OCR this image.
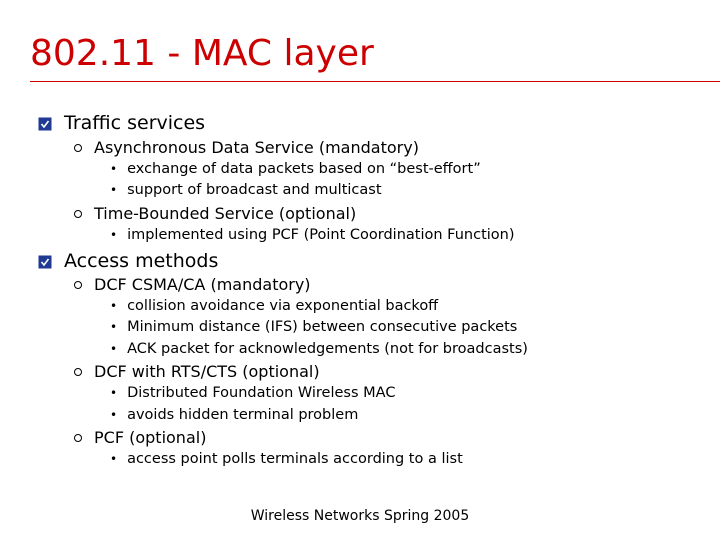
802.11 - MAC layer
Traffic services
Asynchronous Data Service (mandatory)
• exchange of data packets based on “best-effort”
• support of broadcast and multicast
Time-Bounded Service (optional)
• implemented using PCF (Point Coordination Function)
Access methods
DCF CSMA/CA (mandatory)
• collision avoidance via exponential backoff
• Minimum distance (IFS) between consecutive packets
• ACK packet for acknowledgements (not for broadcasts)
DCF with RTS/CTS (optional)
• Distributed Foundation Wireless MAC
• avoids hidden terminal problem
PCF (optional)
• access point polls terminals according to a list
Wireless Networks Spring 2005
